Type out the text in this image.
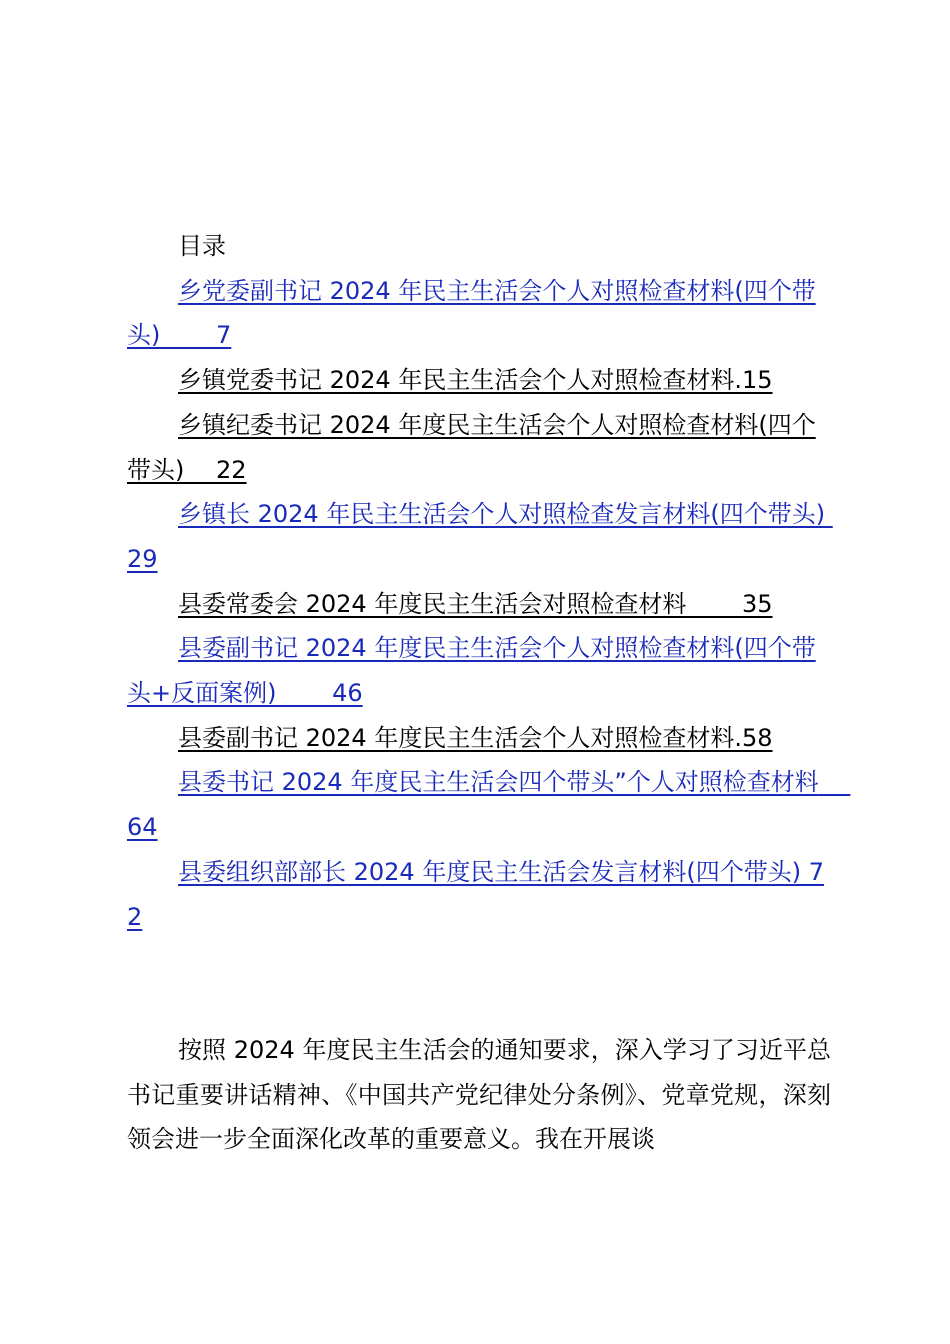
目录
乡党委副书记 2024 年民主生活会个人对照检查材料(四个带头)　　 7
乡镇党委书记 2024 年民主生活会个人对照检查材料.15
乡镇纪委书记 2024 年度民主生活会个人对照检查材料(四个带头)　 22
乡镇长 2024 年民主生活会个人对照检查发言材料(四个带头) 29
县委常委会 2024 年度民主生活会对照检查材料　　 35
县委副书记 2024 年度民主生活会个人对照检查材料(四个带头+反面案例)　　 46
县委副书记 2024 年度民主生活会个人对照检查材料.58
县委书记 2024 年度民主生活会四个带头”个人对照检查材料　 64
县委组织部部长 2024 年度民主生活会发言材料(四个带头) 72

按照 2024 年度民主生活会的通知要求，深入学习了习近平总书记重要讲话精神、《中国共产党纪律处分条例》、党章党规，深刻领会进一步全面深化改革的重要意义。我在开展谈
